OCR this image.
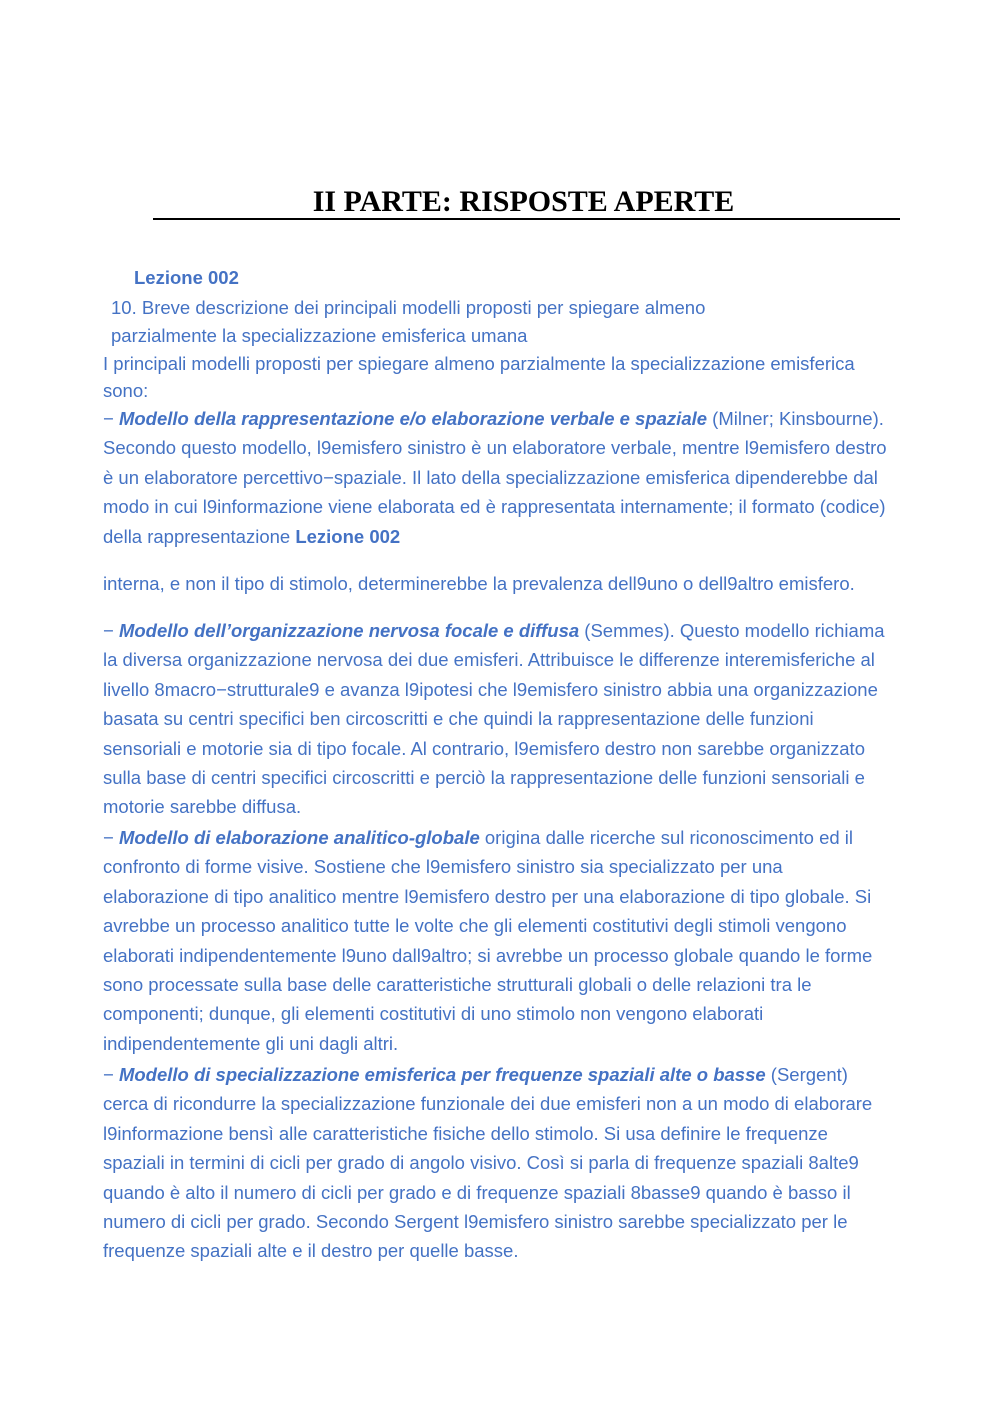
II PARTE: RISPOSTE APERTE
Lezione 002
10. Breve descrizione dei principali modelli proposti per spiegare almeno parzialmente la specializzazione emisferica umana
I principali modelli proposti per spiegare almeno parzialmente la specializzazione emisferica sono:

− Modello della rappresentazione e/o elaborazione verbale e spaziale (Milner; Kinsbourne). Secondo questo modello, l9emisfero sinistro è un elaboratore verbale, mentre l9emisfero destro è un elaboratore percettivo−spaziale. Il lato della specializzazione emisferica dipenderebbe dal modo in cui l9informazione viene elaborata ed è rappresentata internamente; il formato (codice) della rappresentazione Lezione 002

interna, e non il tipo di stimolo, determinerebbe la prevalenza dell9uno o dell9altro emisfero.

− Modello dell’organizzazione nervosa focale e diffusa (Semmes). Questo modello richiama la diversa organizzazione nervosa dei due emisferi. Attribuisce le differenze interemisferiche al livello 8macro−strutturale9 e avanza l9ipotesi che l9emisfero sinistro abbia una organizzazione basata su centri specifici ben circoscritti e che quindi la rappresentazione delle funzioni sensoriali e motorie sia di tipo focale. Al contrario, l9emisfero destro non sarebbe organizzato sulla base di centri specifici circoscritti e perciò la rappresentazione delle funzioni sensoriali e motorie sarebbe diffusa.

− Modello di elaborazione analitico-globale origina dalle ricerche sul riconoscimento ed il confronto di forme visive. Sostiene che l9emisfero sinistro sia specializzato per una elaborazione di tipo analitico mentre l9emisfero destro per una elaborazione di tipo globale. Si avrebbe un processo analitico tutte le volte che gli elementi costitutivi degli stimoli vengono elaborati indipendentemente l9uno dall9altro; si avrebbe un processo globale quando le forme sono processate sulla base delle caratteristiche strutturali globali o delle relazioni tra le componenti; dunque, gli elementi costitutivi di uno stimolo non vengono elaborati indipendentemente gli uni dagli altri.

− Modello di specializzazione emisferica per frequenze spaziali alte o basse (Sergent) cerca di ricondurre la specializzazione funzionale dei due emisferi non a un modo di elaborare l9informazione bensì alle caratteristiche fisiche dello stimolo. Si usa definire le frequenze spaziali in termini di cicli per grado di angolo visivo. Così si parla di frequenze spaziali 8alte9 quando è alto il numero di cicli per grado e di frequenze spaziali 8basse9 quando è basso il numero di cicli per grado. Secondo Sergent l9emisfero sinistro sarebbe specializzato per le frequenze spaziali alte e il destro per quelle basse.
